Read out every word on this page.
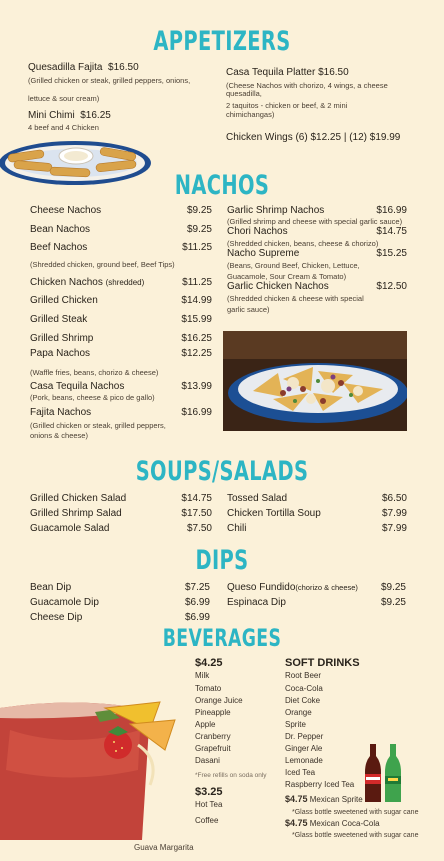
APPETIZERS
Quesadilla Fajita $16.50
(Grilled chicken or steak, grilled peppers, onions,
lettuce & sour cream)
Mini Chimi $16.25
4 beef and 4 Chicken
Casa Tequila Platter $16.50
(Cheese Nachos with chorizo, 4 wings, a cheese
quesadilla,
2 taquitos - chicken or beef, & 2 mini
chimichangas)
Chicken Wings (6) $12.25 | (12) $19.99
NACHOS
Cheese Nachos	$9.25
Bean Nachos	$9.25
Beef Nachos	$11.25
(Shredded chicken, ground beef, Beef Tips)
Chicken Nachos (shredded)	$11.25
Grilled Chicken	$14.99
Grilled Steak	$15.99
Grilled Shrimp	$16.25
Papa Nachos	$12.25
(Waffle fries, beans, chorizo & cheese)
Casa Tequila Nachos	$13.99
(Pork, beans, cheese & pico de gallo)
Fajita Nachos	$16.99
(Grilled chicken or steak, grilled peppers,
onions & cheese)
Garlic Shrimp Nachos	$16.99
(Grilled shrimp and cheese with special garlic sauce)
Chori Nachos	$14.75
(Shredded chicken, beans, cheese & chorizo)
Nacho Supreme	$15.25
(Beans, Ground Beef, Chicken, Lettuce,
Guacamole, Sour Cream & Tomato)
Garlic Chicken Nachos	$12.50
(Shredded chicken & cheese with special
garlic sauce)
SOUPS/SALADS
Grilled Chicken Salad	$14.75
Grilled Shrimp Salad	$17.50
Guacamole Salad	$7.50
Tossed Salad	$6.50
Chicken Tortilla Soup	$7.99
Chili	$7.99
DIPS
Bean Dip	$7.25
Guacamole Dip	$6.99
Cheese Dip	$6.99
Queso Fundido(chorizo & cheese) $9.25
Espinaca Dip	$9.25
BEVERAGES
Guava Margarita
$4.25
Milk
Tomato
Orange Juice
Pineapple
Apple
Cranberry
Grapefruit
Dasani
*Free refills on soda only
$3.25
Hot Tea
Coffee
SOFT DRINKS
Root Beer
Coca-Cola
Diet Coke
Orange
Sprite
Dr. Pepper
Ginger Ale
Lemonade
Iced Tea
Raspberry Iced Tea
$4.75 Mexican Sprite
*Glass bottle sweetened with sugar cane
$4.75 Mexican Coca-Cola
*Glass bottle sweetened with sugar cane
